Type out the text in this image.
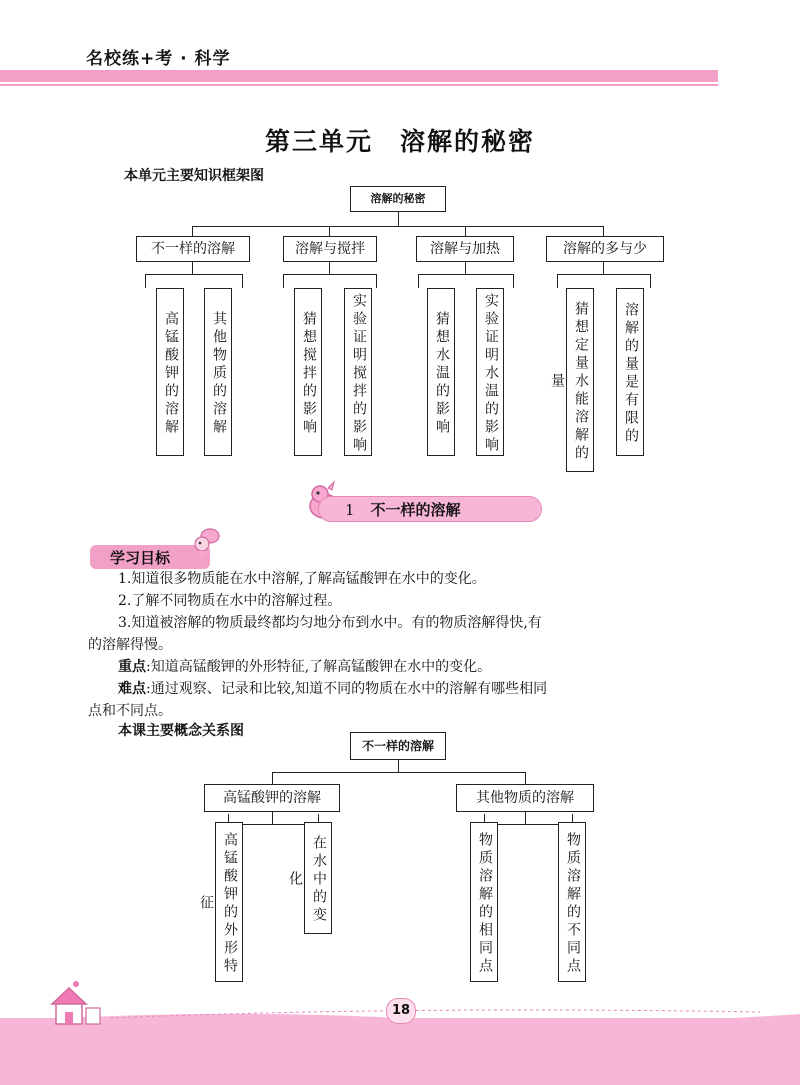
名校练+考 · 科学
第三单元　溶解的秘密
本单元主要知识框架图
溶解的秘密
不一样的溶解	溶解与搅拌	溶解与加热	溶解的多与少
高锰酸钾的溶解	其他物质的溶解	猜想搅拌的影响	实验证明搅拌的影响	猜想水温的影响	实验证明水温的影响	猜想定量水能溶解的量	溶解的量是有限的
1 不一样的溶解
学习目标
1.知道很多物质能在水中溶解,了解高锰酸钾在水中的变化。
2.了解不同物质在水中的溶解过程。
3.知道被溶解的物质最终都均匀地分布到水中。有的物质溶解得快,有
的溶解得慢。
重点:知道高锰酸钾的外形特征,了解高锰酸钾在水中的变化。
难点:通过观察、记录和比较,知道不同的物质在水中的溶解有哪些相同
点和不同点。
本课主要概念关系图
不一样的溶解
高锰酸钾的溶解	其他物质的溶解
高锰酸钾的外形特征	在水中的变化	物质溶解的相同点	物质溶解的不同点
18
